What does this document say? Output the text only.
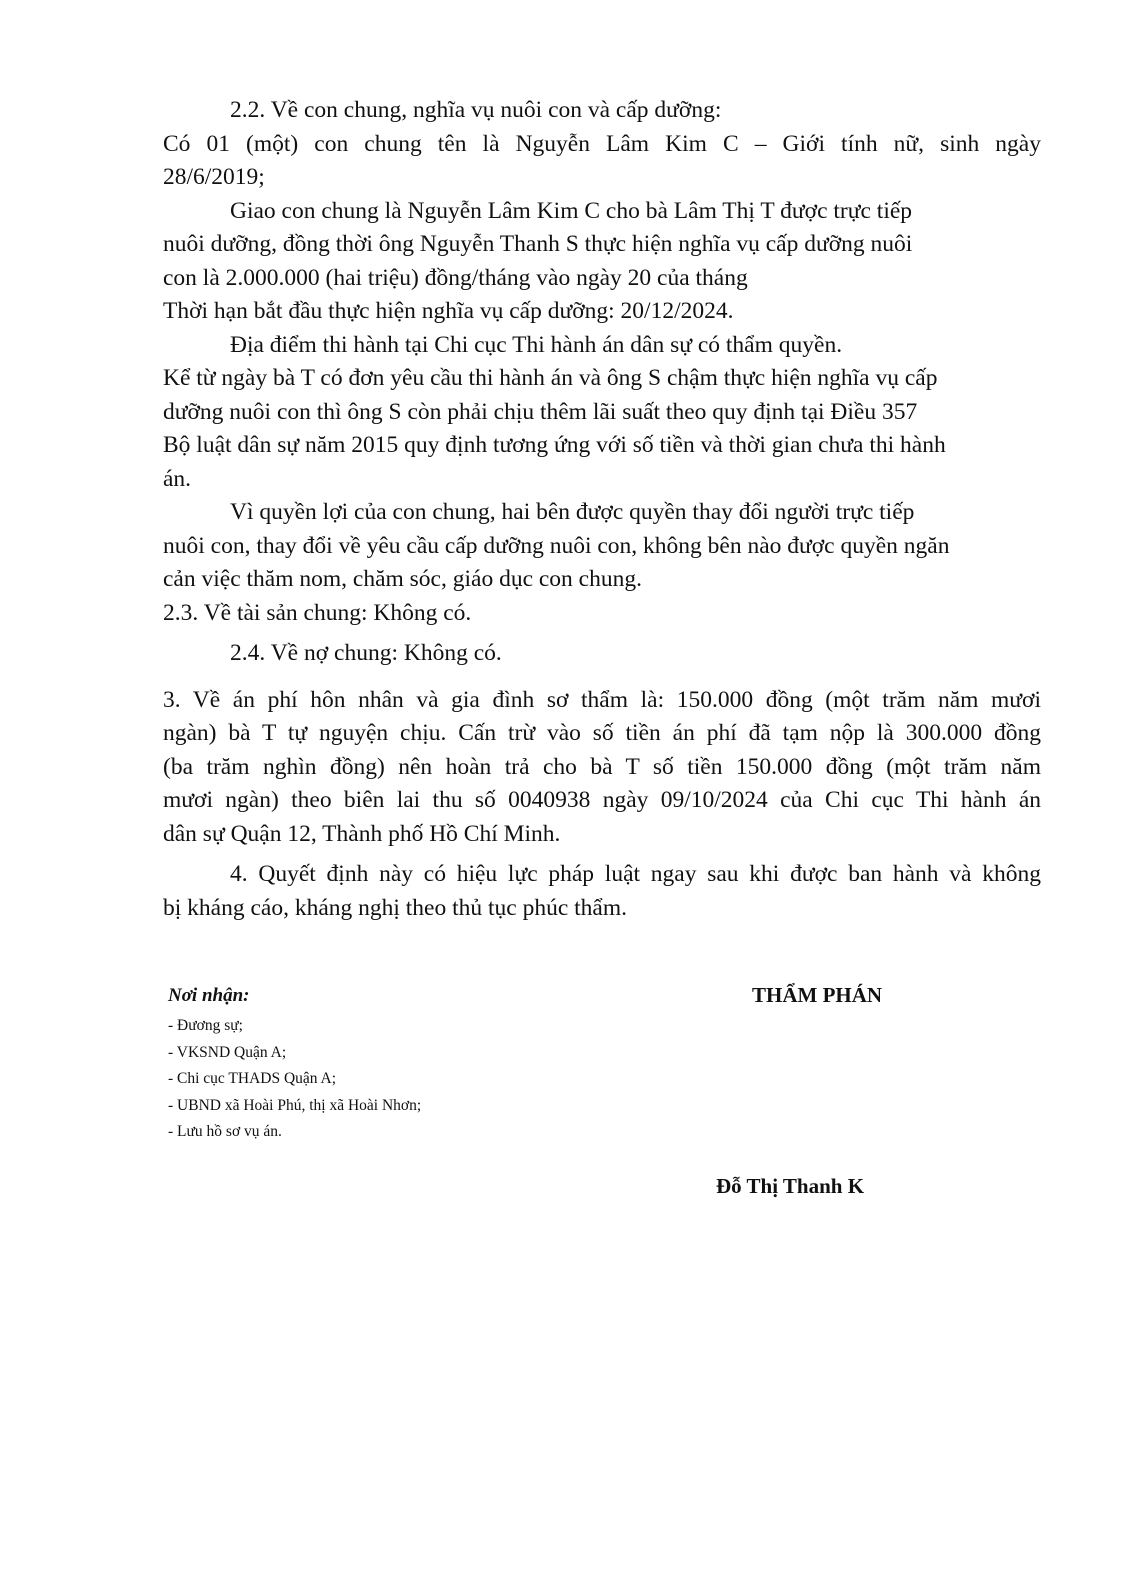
2.2. Về con chung, nghĩa vụ nuôi con và cấp dưỡng:
Có 01 (một) con chung tên là Nguyễn Lâm Kim C – Giới tính nữ, sinh ngày
28/6/2019;
Giao con chung là Nguyễn Lâm Kim C cho bà Lâm Thị T được trực tiếp
nuôi dưỡng, đồng thời ông Nguyễn Thanh S thực hiện nghĩa vụ cấp dưỡng nuôi
con là 2.000.000 (hai triệu) đồng/tháng vào ngày 20 của tháng
Thời hạn bắt đầu thực hiện nghĩa vụ cấp dưỡng: 20/12/2024.
Địa điểm thi hành tại Chi cục Thi hành án dân sự có thẩm quyền.
Kể từ ngày bà T có đơn yêu cầu thi hành án và ông S chậm thực hiện nghĩa vụ cấp
dưỡng nuôi con thì ông S còn phải chịu thêm lãi suất theo quy định tại Điều 357
Bộ luật dân sự năm 2015 quy định tương ứng với số tiền và thời gian chưa thi hành
án.
Vì quyền lợi của con chung, hai bên được quyền thay đổi người trực tiếp
nuôi con, thay đổi về yêu cầu cấp dưỡng nuôi con, không bên nào được quyền ngăn
cản việc thăm nom, chăm sóc, giáo dục con chung.
2.3. Về tài sản chung: Không có.
2.4. Về nợ chung: Không có.
3. Về án phí hôn nhân và gia đình sơ thẩm là: 150.000 đồng (một trăm năm mươi
ngàn) bà T tự nguyện chịu. Cấn trừ vào số tiền án phí đã tạm nộp là 300.000 đồng
(ba trăm nghìn đồng) nên hoàn trả cho bà T số tiền 150.000 đồng (một trăm năm
mươi ngàn) theo biên lai thu số 0040938 ngày 09/10/2024 của Chi cục Thi hành án
dân sự Quận 12, Thành phố Hồ Chí Minh.
4. Quyết định này có hiệu lực pháp luật ngay sau khi được ban hành và không
bị kháng cáo, kháng nghị theo thủ tục phúc thẩm.
Nơi nhận:
- Đương sự;
- VKSND Quận A;
- Chi cục THADS Quận A;
- UBND xã Hoài Phú, thị xã Hoài Nhơn;
- Lưu hồ sơ vụ án.
THẨM PHÁN
Đỗ Thị Thanh K
